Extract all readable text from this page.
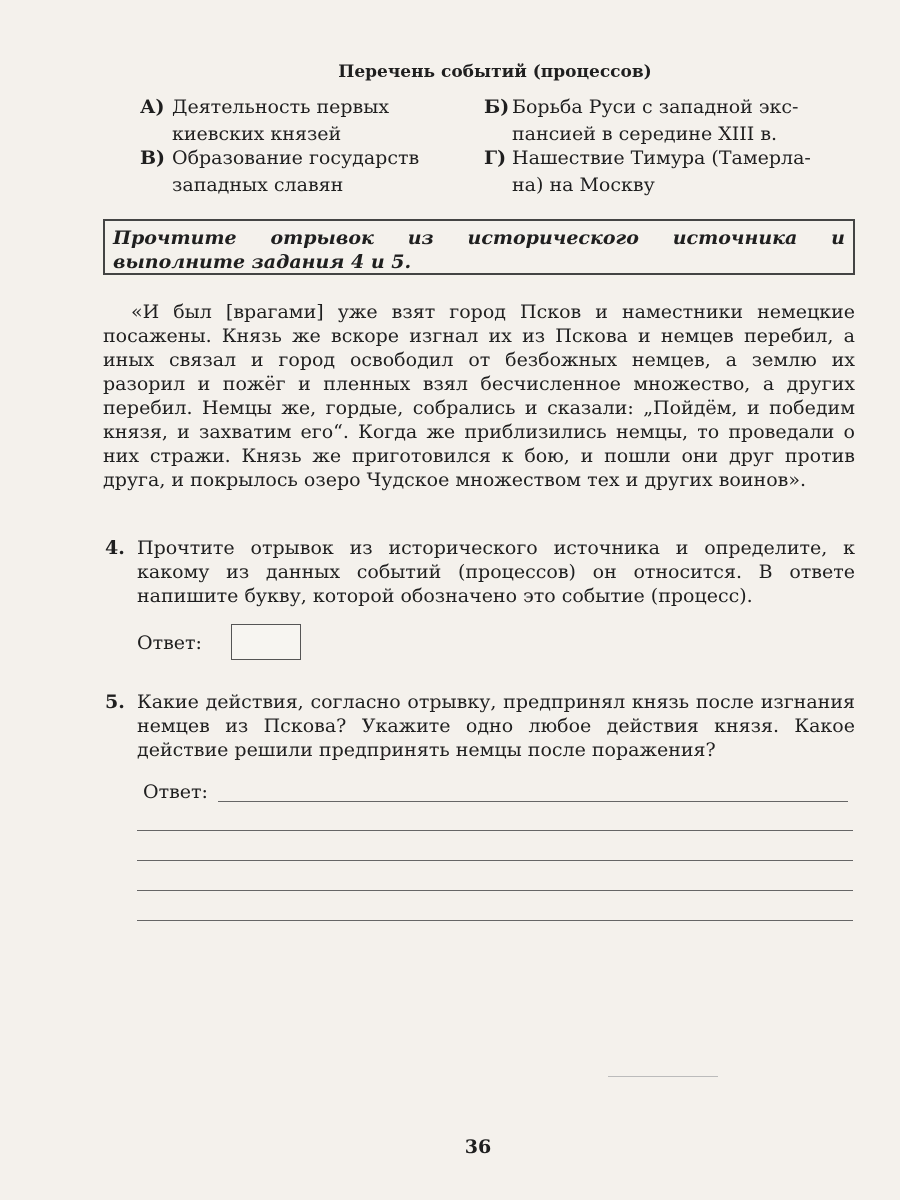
Перечень событий (процессов)
А) Деятельность первых
киевских князей
Б) Борьба Руси с западной экс-
пансией в середине XIII в.
В) Образование государств
западных славян
Г) Нашествие Тимура (Тамерла-
на) на Москву
Прочтите отрывок из исторического источника и выполните задания 4 и 5.
«И был [врагами] уже взят город Псков и наместники немецкие посажены. Князь же вскоре изгнал их из Пскова и немцев перебил, а иных связал и город освободил от безбожных немцев, а землю их разорил и пожёг и пленных взял бесчисленное множество, а других перебил. Немцы же, гордые, собрались и сказали: „Пойдём, и победим князя, и захватим его“. Когда же приблизились немцы, то проведали о них стражи. Князь же приготовился к бою, и пошли они друг против друга, и покрылось озеро Чудское множеством тех и других воинов».
4. Прочтите отрывок из исторического источника и определите, к какому из данных событий (процессов) он относится. В ответе напишите букву, которой обозначено это событие (процесс).
Ответ:
5. Какие действия, согласно отрывку, предпринял князь после изгнания немцев из Пскова? Укажите одно любое действия князя. Какое действие решили предпринять немцы после поражения?
Ответ:
36
